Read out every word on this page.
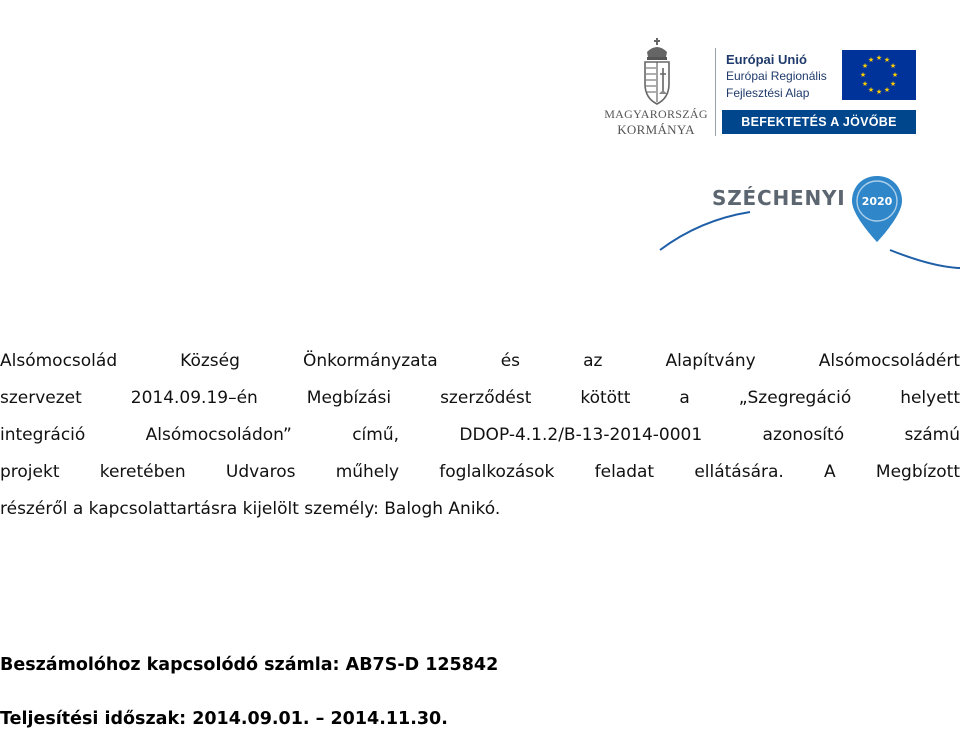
MAGYARORSZÁG
KORMÁNYA
Európai Unió
Európai Regionális
Fejlesztési Alap
★ ★
★
★
★
★
★
★
★
★
★
★
BEFEKTETÉS A JÖVŐBE
SZÉCHENYI 2020
Alsómocsolád Község Önkormányzata és az Alapítvány Alsómocsoládért
szervezet 2014.09.19–én Megbízási szerződést kötött a „Szegregáció helyett
integráció Alsómocsoládon” című, DDOP-4.1.2/B-13-2014-0001 azonosító számú
projekt keretében Udvaros műhely foglalkozások feladat ellátására. A Megbízott
részéről a kapcsolattartásra kijelölt személy: Balogh Anikó.
Beszámolóhoz kapcsolódó számla: AB7S-D 125842
Teljesítési időszak: 2014.09.01. – 2014.11.30.
